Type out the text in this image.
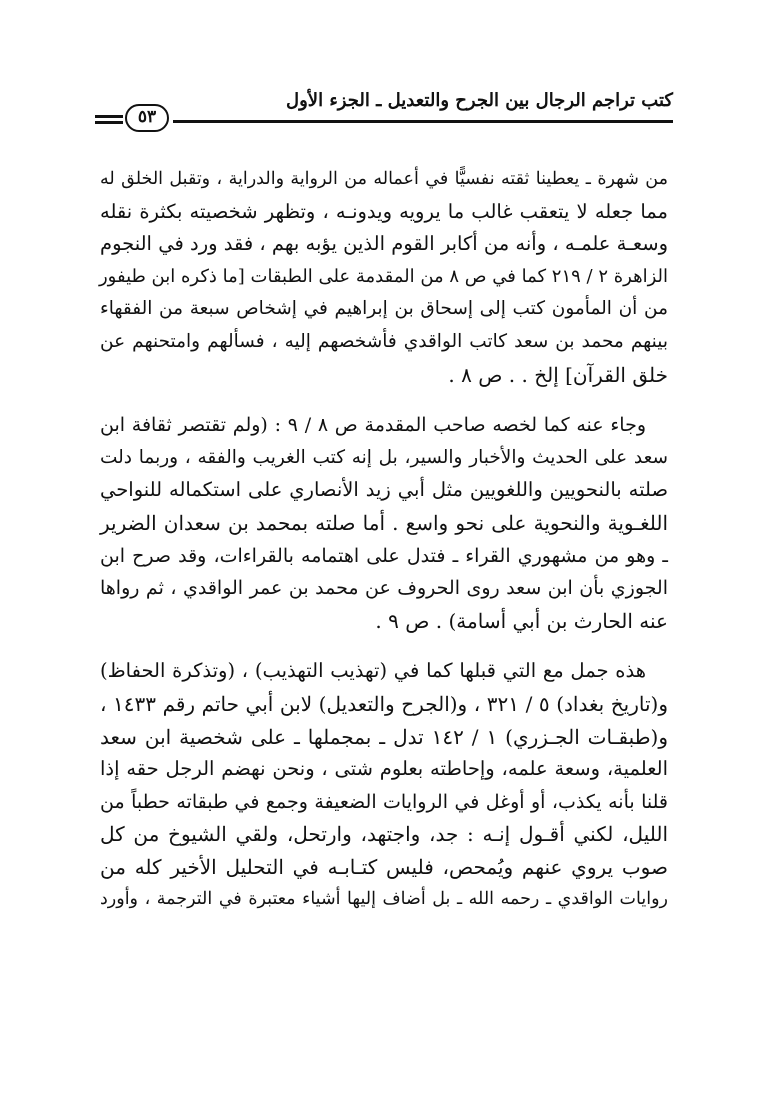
كتب تراجم الرجال بين الجرح والتعديل ـ الجزء الأول
٥٣
من شهرة ـ يعطينا ثقته نفسيًّا في أعماله من الرواية والدراية ، وتقبل الخلق له
مما جعله لا يتعقب غالب ما يرويه ويدونـه ، وتظهر شخصيته بكثرة نقله
وسعـة علمـه ، وأنه من أكابر القوم الذين يؤبه بهم ، فقد ورد في النجوم
الزاهرة ٢ / ٢١٩ كما في ص ٨ من المقدمة على الطبقات [ما ذكره ابن طيفور
من أن المأمون كتب إلى إسحاق بن إبراهيم في إشخاص سبعة من الفقهاء
بينهم محمد بن سعد كاتب الواقدي فأشخصهم إليه ، فسألهم وامتحنهم عن
خلق القرآن] إلخ . . ص ٨ .
وجاء عنه كما لخصه صاحب المقدمة ص ٨ / ٩ : (ولم تقتصر ثقافة ابن
سعد على الحديث والأخبار والسير، بل إنه كتب الغريب والفقه ، وربما دلت
صلته بالنحويين واللغويين مثل أبي زيد الأنصاري على استكماله للنواحي
اللغـوية والنحوية على نحو واسع . أما صلته بمحمد بن سعدان الضرير
ـ وهو من مشهوري القراء ـ فتدل على اهتمامه بالقراءات، وقد صرح ابن
الجوزي بأن ابن سعد روى الحروف عن محمد بن عمر الواقدي ، ثم رواها
عنه الحارث بن أبي أسامة) . ص ٩ .
هذه جمل مع التي قبلها كما في (تهذيب التهذيب) ، (وتذكرة الحفاظ)
و(تاريخ بغداد) ٥ / ٣٢١ ، و(الجرح والتعديل) لابن أبي حاتم رقم ١٤٣٣ ،
و(طبقـات الجـزري) ١ / ١٤٢ تدل ـ بمجملها ـ على شخصية ابن سعد
العلمية، وسعة علمه، وإحاطته بعلوم شتى ، ونحن نهضم الرجل حقه إذا
قلنا بأنه يكذب، أو أوغل في الروايات الضعيفة وجمع في طبقاته حطباً من
الليل، لكني أقـول إنـه : جد، واجتهد، وارتحل، ولقي الشيوخ من كل
صوب يروي عنهم ويُمحص، فليس كتـابـه في التحليل الأخير كله من
روايات الواقدي ـ رحمه الله ـ بل أضاف إليها أشياء معتبرة في الترجمة ، وأورد
